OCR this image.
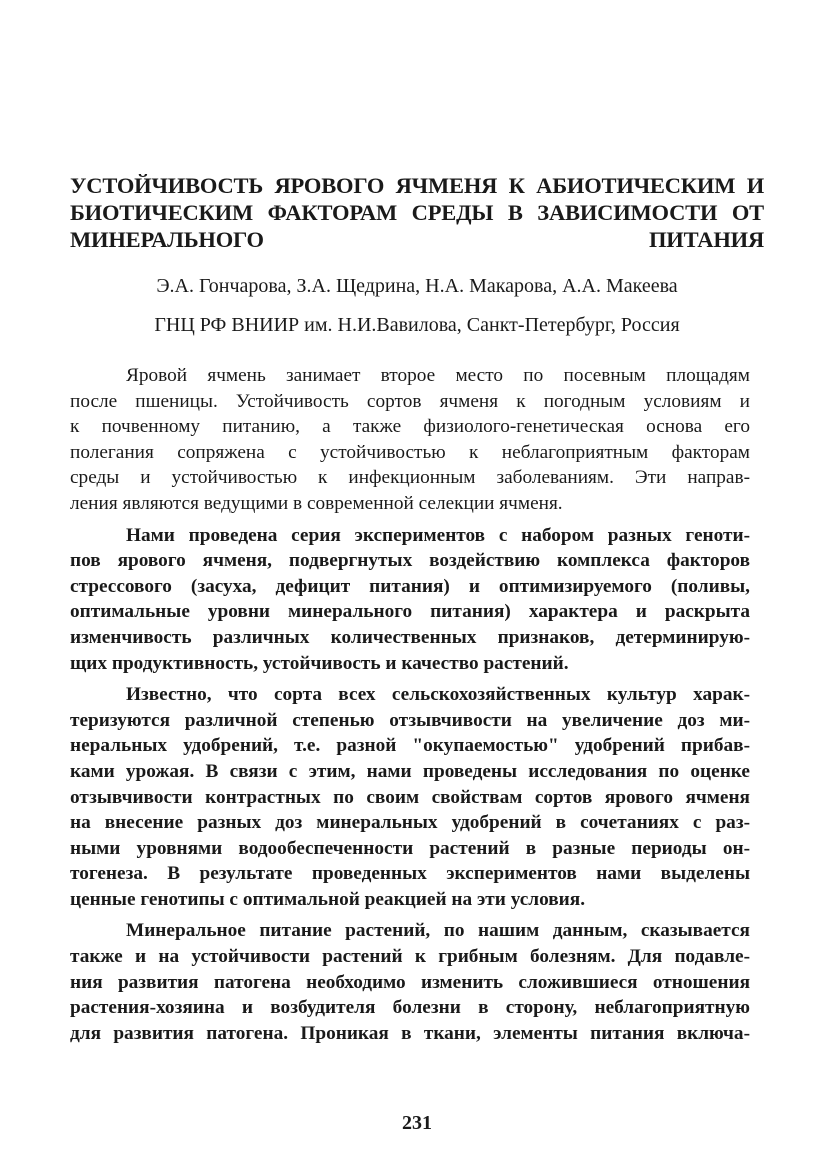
УСТОЙЧИВОСТЬ ЯРОВОГО ЯЧМЕНЯ К АБИОТИЧЕСКИМ И
БИОТИЧЕСКИМ ФАКТОРАМ СРЕДЫ В ЗАВИСИМОСТИ ОТ
МИНЕРАЛЬНОГО ПИТАНИЯ
Э.А. Гончарова, З.А. Щедрина, Н.А. Макарова, А.А. Макеева
ГНЦ РФ ВНИИР им. Н.И.Вавилова, Санкт-Петербург, Россия

Яровой ячмень занимает второе место по посевным площадям
после пшеницы. Устойчивость сортов ячменя к погодным условиям и
к почвенному питанию, а также физиолого-генетическая основа его
полегания сопряжена с устойчивостью к неблагоприятным факторам
среды и устойчивостью к инфекционным заболеваниям. Эти направ-
ления являются ведущими в современной селекции ячменя.

Нами проведена серия экспериментов с набором разных геноти-
пов ярового ячменя, подвергнутых воздействию комплекса факторов
стрессового (засуха, дефицит питания) и оптимизируемого (поливы,
оптимальные уровни минерального питания) характера и раскрыта
изменчивость различных количественных признаков, детерминирую-
щих продуктивность, устойчивость и качество растений.

Известно, что сорта всех сельскохозяйственных культур харак-
теризуются различной степенью отзывчивости на увеличение доз ми-
неральных удобрений, т.е. разной "окупаемостью" удобрений прибав-
ками урожая. В связи с этим, нами проведены исследования по оценке
отзывчивости контрастных по своим свойствам сортов ярового ячменя
на внесение разных доз минеральных удобрений в сочетаниях с раз-
ными уровнями водообеспеченности растений в разные периоды он-
тогенеза. В результате проведенных экспериментов нами выделены
ценные генотипы с оптимальной реакцией на эти условия.

Минеральное питание растений, по нашим данным, сказывается
также и на устойчивости растений к грибным болезням. Для подавле-
ния развития патогена необходимо изменить сложившиеся отношения
растения-хозяина и возбудителя болезни в сторону, неблагоприятную
для развития патогена. Проникая в ткани, элементы питания включа-

231
